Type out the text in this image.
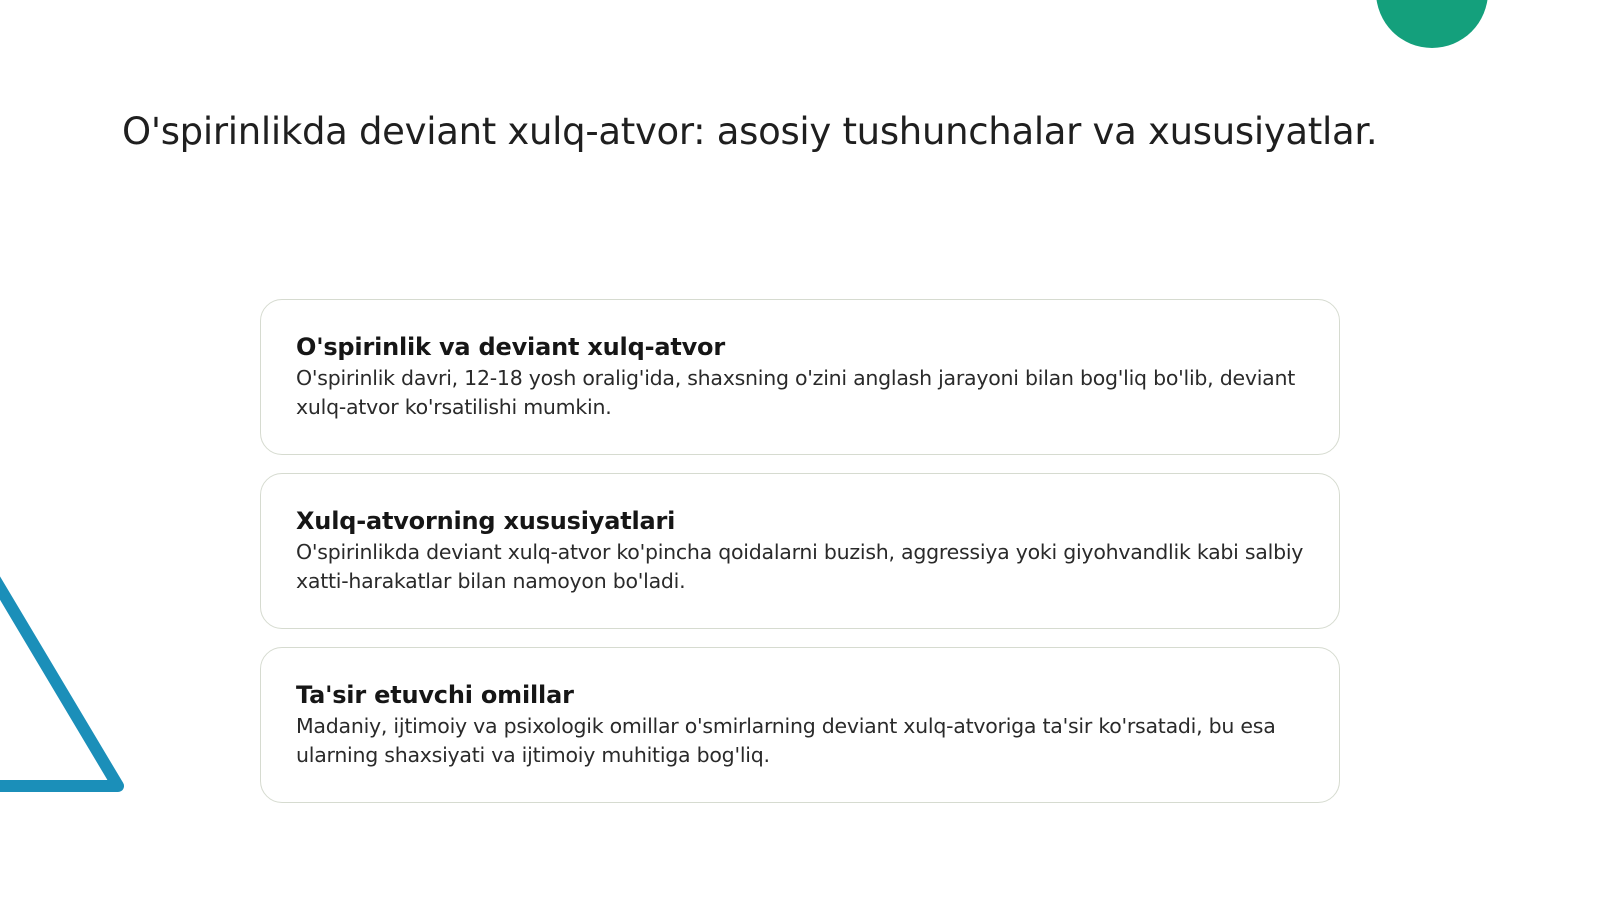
O'spirinlikda deviant xulq-atvor: asosiy tushunchalar va xususiyatlar.
O'spirinlik va deviant xulq-atvor

O'spirinlik davri, 12-18 yosh oralig'ida, shaxsning o'zini anglash jarayoni bilan bog'liq bo'lib, deviant xulq-atvor ko'rsatilishi mumkin.

Xulq-atvorning xususiyatlari

O'spirinlikda deviant xulq-atvor ko'pincha qoidalarni buzish, aggressiya yoki giyohvandlik kabi salbiy xatti-harakatlar bilan namoyon bo'ladi.

Ta'sir etuvchi omillar

Madaniy, ijtimoiy va psixologik omillar o'smirlarning deviant xulq-atvoriga ta'sir ko'rsatadi, bu esa ularning shaxsiyati va ijtimoiy muhitiga bog'liq.
